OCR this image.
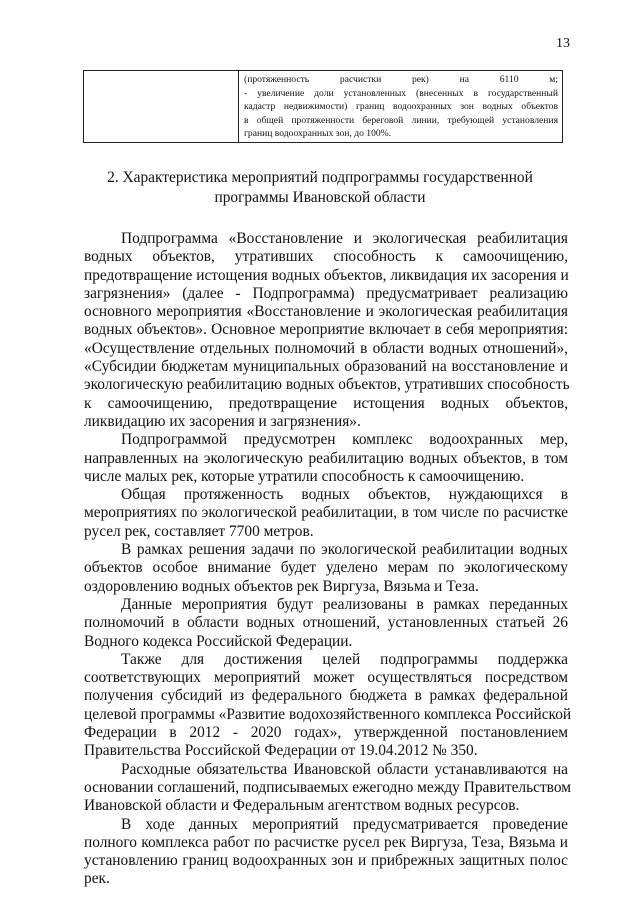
13

(протяженность расчистки рек) на 6110 м;
- увеличение доли установленных (внесенных в государственный
кадастр недвижимости) границ водоохранных зон водных объектов
в общей протяженности береговой линии, требующей установления
границ водоохранных зон, до 100%.
2. Характеристика мероприятий подпрограммы государственной
программы Ивановской области
Подпрограмма «Восстановление и экологическая реабилитация
водных объектов, утративших способность к самоочищению,
предотвращение истощения водных объектов, ликвидация их засорения и
загрязнения» (далее - Подпрограмма) предусматривает реализацию
основного мероприятия «Восстановление и экологическая реабилитация
водных объектов». Основное мероприятие включает в себя мероприятия:
«Осуществление отдельных полномочий в области водных отношений»,
«Субсидии бюджетам муниципальных образований на восстановление и
экологическую реабилитацию водных объектов, утративших способность
к самоочищению, предотвращение истощения водных объектов,
ликвидацию их засорения и загрязнения».
Подпрограммой предусмотрен комплекс водоохранных мер,
направленных на экологическую реабилитацию водных объектов, в том
числе малых рек, которые утратили способность к самоочищению.
Общая протяженность водных объектов, нуждающихся в
мероприятиях по экологической реабилитации, в том числе по расчистке
русел рек, составляет 7700 метров.
В рамках решения задачи по экологической реабилитации водных
объектов особое внимание будет уделено мерам по экологическому
оздоровлению водных объектов рек Виргуза, Вязьма и Теза.
Данные мероприятия будут реализованы в рамках переданных
полномочий в области водных отношений, установленных статьей 26
Водного кодекса Российской Федерации.
Также для достижения целей подпрограммы поддержка
соответствующих мероприятий может осуществляться посредством
получения субсидий из федерального бюджета в рамках федеральной
целевой программы «Развитие водохозяйственного комплекса Российской
Федерации в 2012 - 2020 годах», утвержденной постановлением
Правительства Российской Федерации от 19.04.2012 № 350.
Расходные обязательства Ивановской области устанавливаются на
основании соглашений, подписываемых ежегодно между Правительством
Ивановской области и Федеральным агентством водных ресурсов.
В ходе данных мероприятий предусматривается проведение
полного комплекса работ по расчистке русел рек Виргуза, Теза, Вязьма и
установлению границ водоохранных зон и прибрежных защитных полос
рек.
